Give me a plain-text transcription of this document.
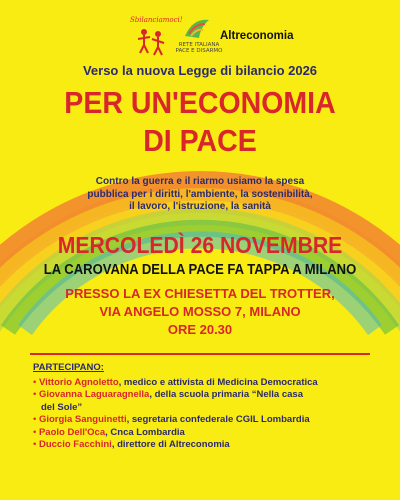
Sbilanciamoci!
RETE ITALIANA
PACE E DISARMO
Altreconomia
Verso la nuova Legge di bilancio 2026
PER UN'ECONOMIA
DI PACE
Contro la guerra e il riarmo usiamo la spesa
pubblica per i diritti, l'ambiente, la sostenibilità,
il lavoro, l'istruzione, la sanità
MERCOLEDÌ 26 NOVEMBRE
LA CAROVANA DELLA PACE FA TAPPA A MILANO
PRESSO LA EX CHIESETTA DEL TROTTER,
VIA ANGELO MOSSO 7, MILANO
ORE 20.30
PARTECIPANO:
• Vittorio Agnoletto, medico e attivista di Medicina Democratica
• Giovanna Laguaragnella, della scuola primaria “Nella casa
del Sole”
• Giorgia Sanguinetti, segretaria confederale CGIL Lombardia
• Paolo Dell'Oca, Cnca Lombardia
• Duccio Facchini, direttore di Altreconomia
